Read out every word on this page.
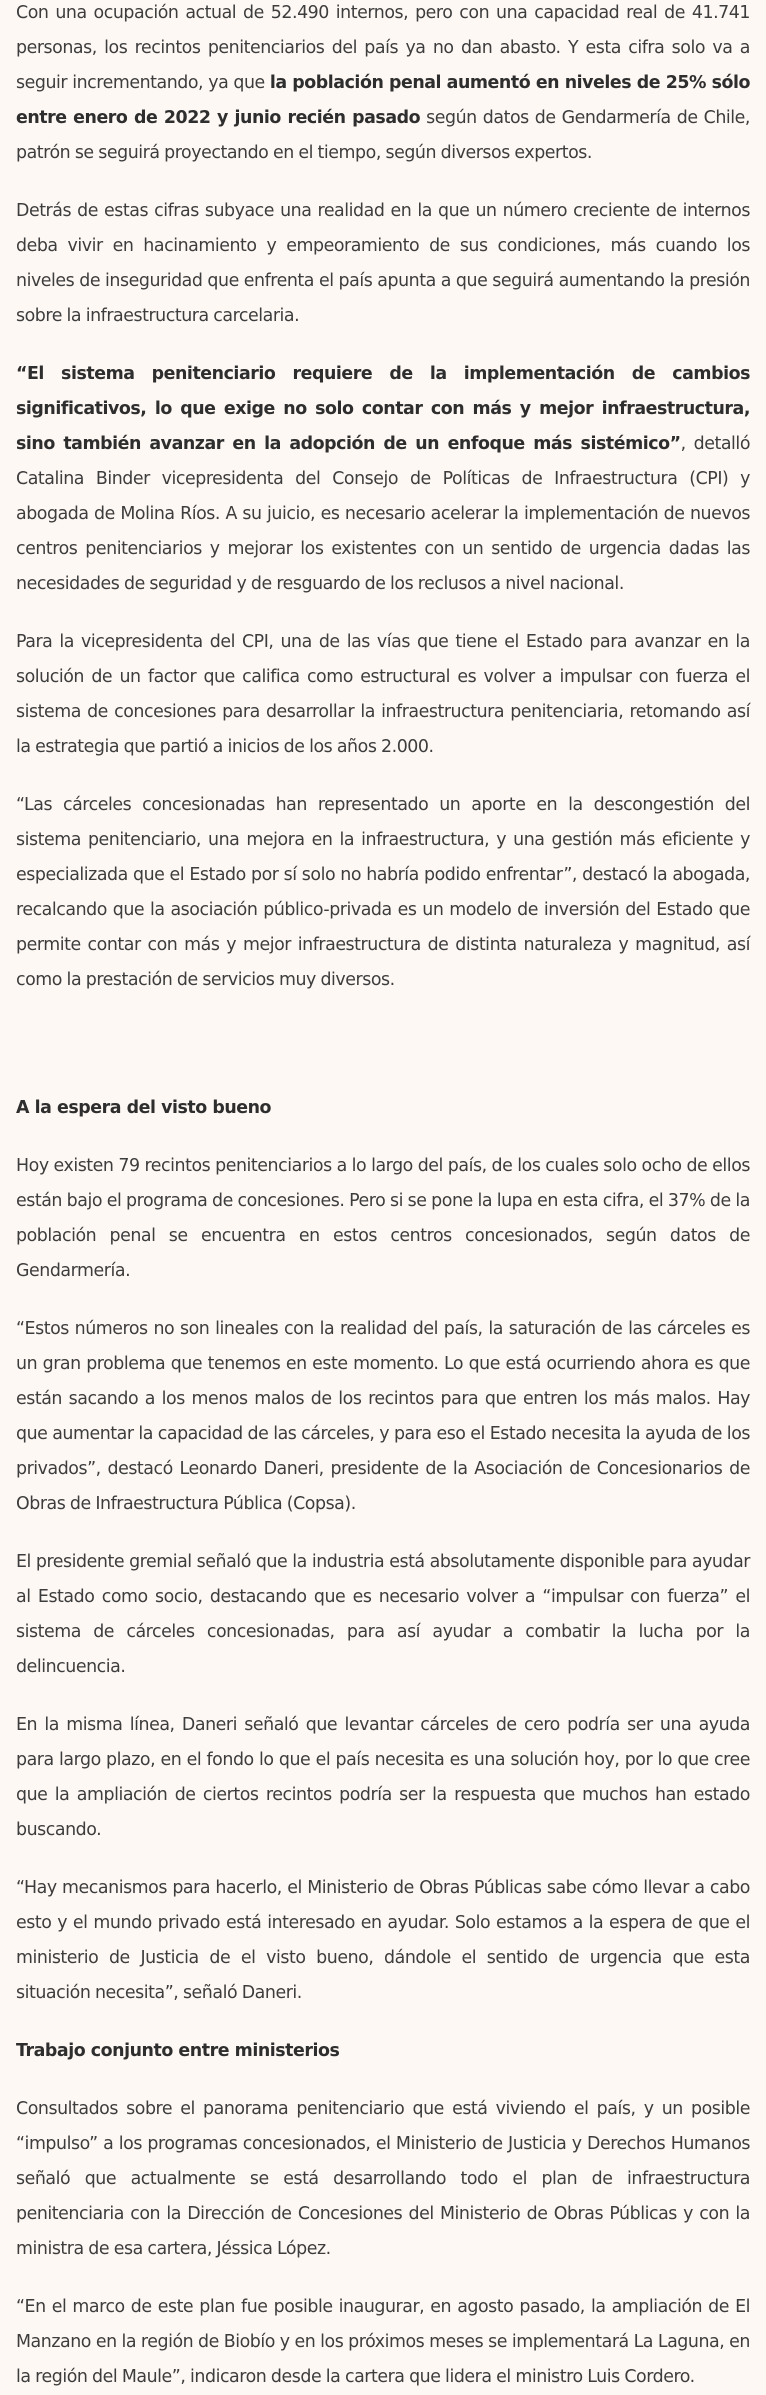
Con una ocupación actual de 52.490 internos, pero con una capacidad real de 41.741 personas, los recintos penitenciarios del país ya no dan abasto. Y esta cifra solo va a seguir incrementando, ya que la población penal aumentó en niveles de 25% sólo entre enero de 2022 y junio recién pasado según datos de Gendarmería de Chile, patrón se seguirá proyectando en el tiempo, según diversos expertos.

Detrás de estas cifras subyace una realidad en la que un número creciente de internos deba vivir en hacinamiento y empeoramiento de sus condiciones, más cuando los niveles de inseguridad que enfrenta el país apunta a que seguirá aumentando la presión sobre la infraestructura carcelaria.

“El sistema penitenciario requiere de la implementación de cambios significativos, lo que exige no solo contar con más y mejor infraestructura, sino también avanzar en la adopción de un enfoque más sistémico”, detalló Catalina Binder vicepresidenta del Consejo de Políticas de Infraestructura (CPI) y abogada de Molina Ríos. A su juicio, es necesario acelerar la implementación de nuevos centros penitenciarios y mejorar los existentes con un sentido de urgencia dadas las necesidades de seguridad y de resguardo de los reclusos a nivel nacional.

Para la vicepresidenta del CPI, una de las vías que tiene el Estado para avanzar en la solución de un factor que califica como estructural es volver a impulsar con fuerza el sistema de concesiones para desarrollar la infraestructura penitenciaria, retomando así la estrategia que partió a inicios de los años 2.000.

“Las cárceles concesionadas han representado un aporte en la descongestión del sistema penitenciario, una mejora en la infraestructura, y una gestión más eficiente y especializada que el Estado por sí solo no habría podido enfrentar”, destacó la abogada, recalcando que la asociación público-privada es un modelo de inversión del Estado que permite contar con más y mejor infraestructura de distinta naturaleza y magnitud, así como la prestación de servicios muy diversos.

A la espera del visto bueno

Hoy existen 79 recintos penitenciarios a lo largo del país, de los cuales solo ocho de ellos están bajo el programa de concesiones. Pero si se pone la lupa en esta cifra, el 37% de la población penal se encuentra en estos centros concesionados, según datos de Gendarmería.

“Estos números no son lineales con la realidad del país, la saturación de las cárceles es un gran problema que tenemos en este momento. Lo que está ocurriendo ahora es que están sacando a los menos malos de los recintos para que entren los más malos. Hay que aumentar la capacidad de las cárceles, y para eso el Estado necesita la ayuda de los privados”, destacó Leonardo Daneri, presidente de la Asociación de Concesionarios de Obras de Infraestructura Pública (Copsa).

El presidente gremial señaló que la industria está absolutamente disponible para ayudar al Estado como socio, destacando que es necesario volver a “impulsar con fuerza” el sistema de cárceles concesionadas, para así ayudar a combatir la lucha por la delincuencia.

En la misma línea, Daneri señaló que levantar cárceles de cero podría ser una ayuda para largo plazo, en el fondo lo que el país necesita es una solución hoy, por lo que cree que la ampliación de ciertos recintos podría ser la respuesta que muchos han estado buscando.

“Hay mecanismos para hacerlo, el Ministerio de Obras Públicas sabe cómo llevar a cabo esto y el mundo privado está interesado en ayudar. Solo estamos a la espera de que el ministerio de Justicia de el visto bueno, dándole el sentido de urgencia que esta situación necesita”, señaló Daneri.

Trabajo conjunto entre ministerios

Consultados sobre el panorama penitenciario que está viviendo el país, y un posible “impulso” a los programas concesionados, el Ministerio de Justicia y Derechos Humanos señaló que actualmente se está desarrollando todo el plan de infraestructura penitenciaria con la Dirección de Concesiones del Ministerio de Obras Públicas y con la ministra de esa cartera, Jéssica López.

“En el marco de este plan fue posible inaugurar, en agosto pasado, la ampliación de El Manzano en la región de Biobío y en los próximos meses se implementará La Laguna, en la región del Maule”, indicaron desde la cartera que lidera el ministro Luis Cordero.
